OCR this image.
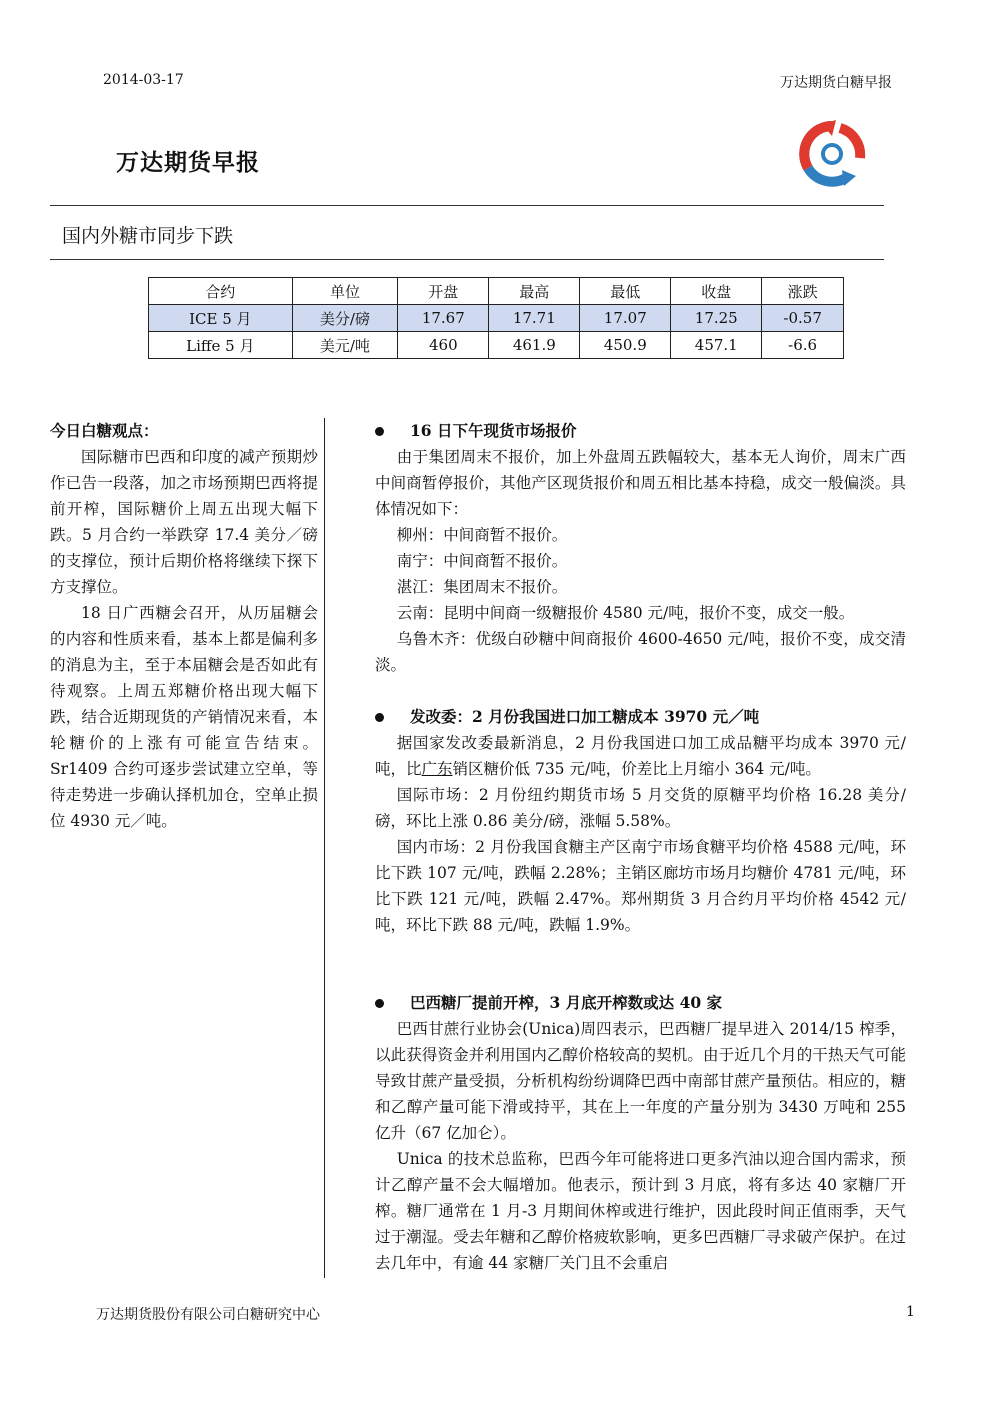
2014-03-17	万达期货白糖早报
万达期货早报
国内外糖市同步下跌
合约	单位	开盘	最高	最低	收盘	涨跌
ICE 5 月	美分/磅	17.67	17.71	17.07	17.25	-0.57
Liffe 5 月	美元/吨	460	461.9	450.9	457.1	-6.6
今日白糖观点：

国际糖市巴西和印度的减产预期炒作已告一段落，加之市场预期巴西将提前开榨，国际糖价上周五出现大幅下跌。5 月合约一举跌穿 17.4 美分／磅的支撑位，预计后期价格将继续下探下方支撑位。

18 日广西糖会召开，从历届糖会的内容和性质来看，基本上都是偏利多的消息为主，至于本届糖会是否如此有待观察。上周五郑糖价格出现大幅下跌，结合近期现货的产销情况来看，本轮糖价的上涨有可能宣告结束。Sr1409 合约可逐步尝试建立空单，等待走势进一步确认择机加仓，空单止损位 4930 元／吨。

16 日下午现货市场报价

由于集团周末不报价，加上外盘周五跌幅较大，基本无人询价，周末广西中间商暂停报价，其他产区现货报价和周五相比基本持稳，成交一般偏淡。具体情况如下：

柳州：中间商暂不报价。

南宁：中间商暂不报价。

湛江：集团周末不报价。

云南：昆明中间商一级糖报价 4580 元/吨，报价不变，成交一般。

乌鲁木齐：优级白砂糖中间商报价 4600-4650 元/吨，报价不变，成交清淡。

发改委：2 月份我国进口加工糖成本 3970 元／吨

据国家发改委最新消息，2 月份我国进口加工成品糖平均成本 3970 元/吨，比广东销区糖价低 735 元/吨，价差比上月缩小 364 元/吨。

国际市场：2 月份纽约期货市场 5 月交货的原糖平均价格 16.28 美分/磅，环比上涨 0.86 美分/磅，涨幅 5.58%。

国内市场：2 月份我国食糖主产区南宁市场食糖平均价格 4588 元/吨，环比下跌 107 元/吨，跌幅 2.28%；主销区廊坊市场月均糖价 4781 元/吨，环比下跌 121 元/吨，跌幅 2.47%。郑州期货 3 月合约月平均价格 4542 元/吨，环比下跌 88 元/吨，跌幅 1.9%。

巴西糖厂提前开榨，3 月底开榨数或达 40 家

巴西甘蔗行业协会(Unica)周四表示，巴西糖厂提早进入 2014/15 榨季，以此获得资金并利用国内乙醇价格较高的契机。由于近几个月的干热天气可能导致甘蔗产量受损，分析机构纷纷调降巴西中南部甘蔗产量预估。相应的，糖和乙醇产量可能下滑或持平，其在上一年度的产量分别为 3430 万吨和 255 亿升（67 亿加仑）。

Unica 的技术总监称，巴西今年可能将进口更多汽油以迎合国内需求，预计乙醇产量不会大幅增加。他表示，预计到 3 月底，将有多达 40 家糖厂开榨。糖厂通常在 1 月-3 月期间休榨或进行维护，因此段时间正值雨季，天气过于潮湿。受去年糖和乙醇价格疲软影响，更多巴西糖厂寻求破产保护。在过去几年中，有逾 44 家糖厂关门且不会重启

万达期货股份有限公司白糖研究中心	1
